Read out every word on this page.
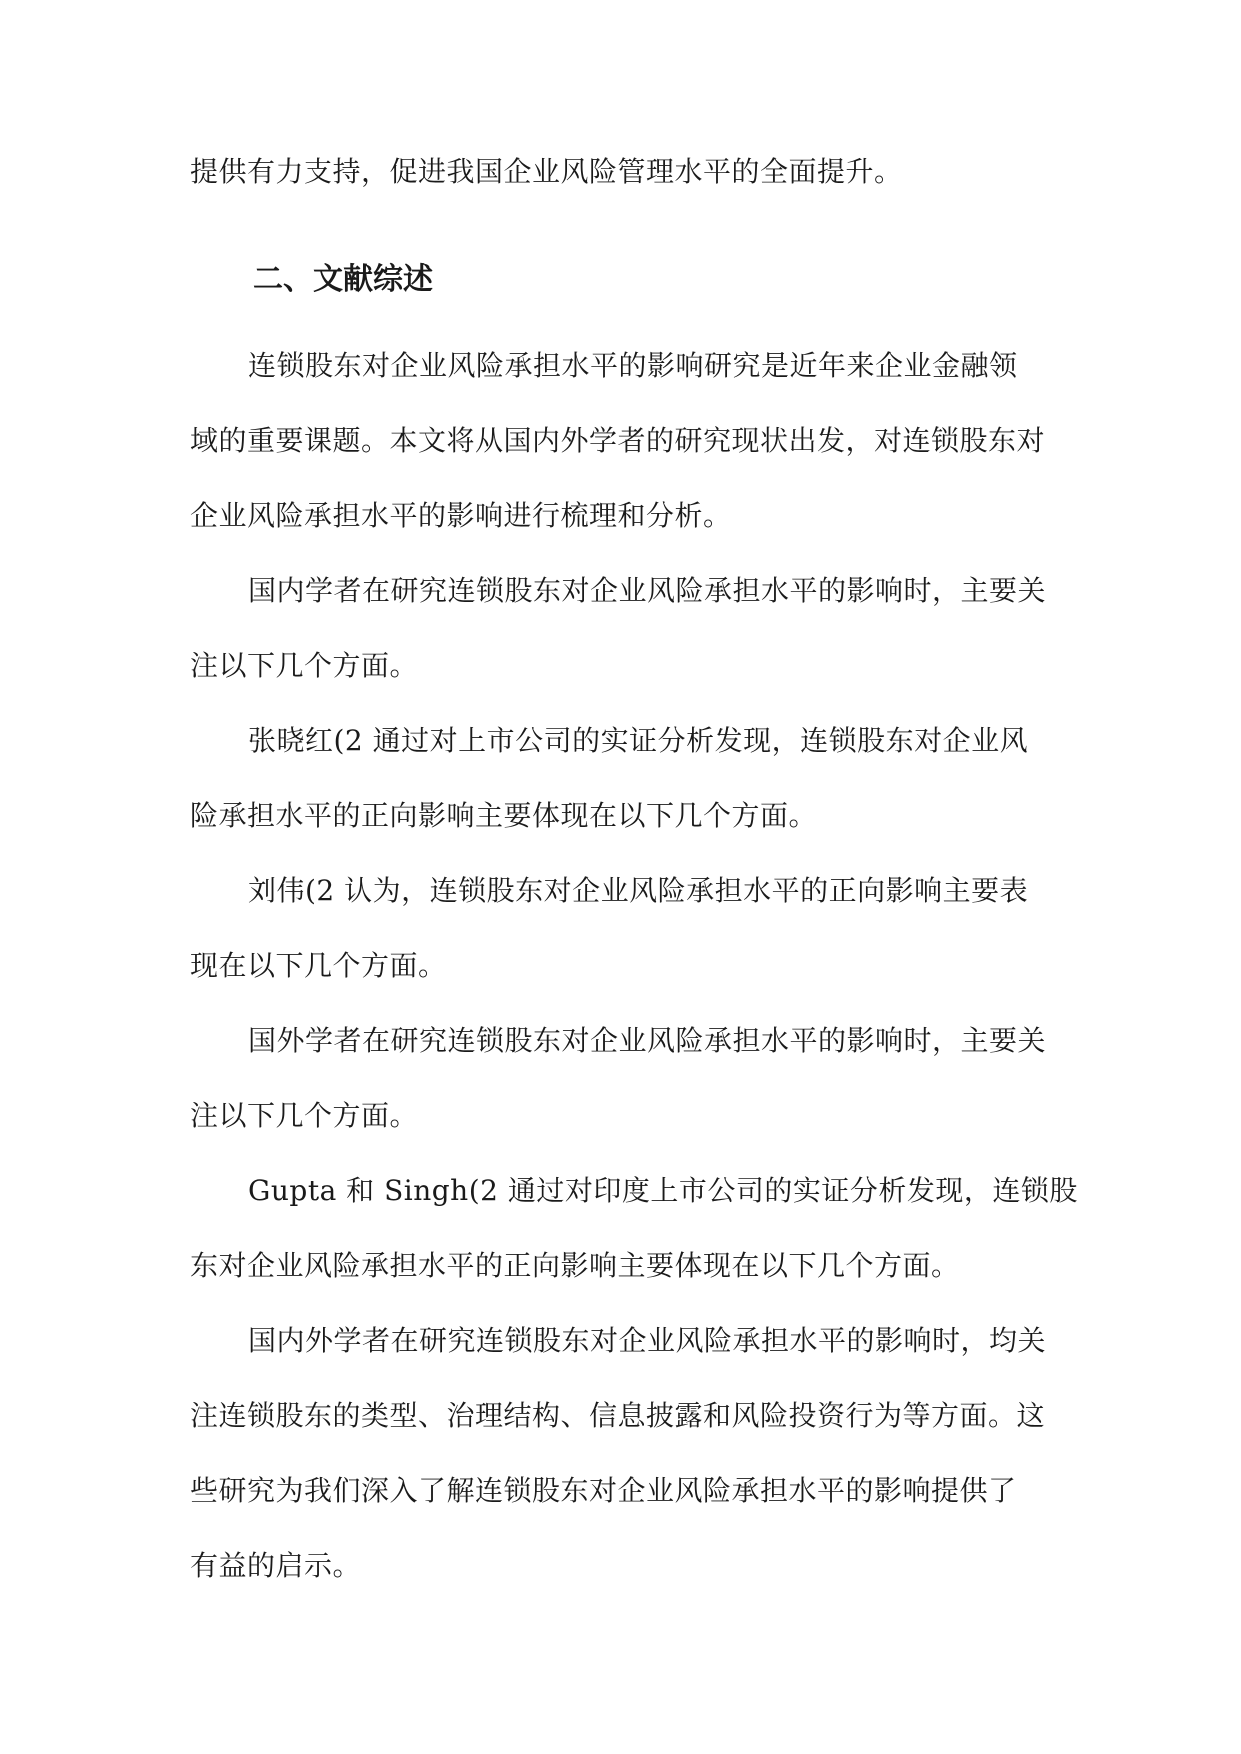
提供有力支持，促进我国企业风险管理水平的全面提升。
二、文献综述
连锁股东对企业风险承担水平的影响研究是近年来企业金融领
域的重要课题。本文将从国内外学者的研究现状出发，对连锁股东对
企业风险承担水平的影响进行梳理和分析。
国内学者在研究连锁股东对企业风险承担水平的影响时，主要关
注以下几个方面。
张晓红(2 通过对上市公司的实证分析发现，连锁股东对企业风
险承担水平的正向影响主要体现在以下几个方面。
刘伟(2 认为，连锁股东对企业风险承担水平的正向影响主要表
现在以下几个方面。
国外学者在研究连锁股东对企业风险承担水平的影响时，主要关
注以下几个方面。
Gupta 和 Singh(2 通过对印度上市公司的实证分析发现，连锁股
东对企业风险承担水平的正向影响主要体现在以下几个方面。
国内外学者在研究连锁股东对企业风险承担水平的影响时，均关
注连锁股东的类型、治理结构、信息披露和风险投资行为等方面。这
些研究为我们深入了解连锁股东对企业风险承担水平的影响提供了
有益的启示。
